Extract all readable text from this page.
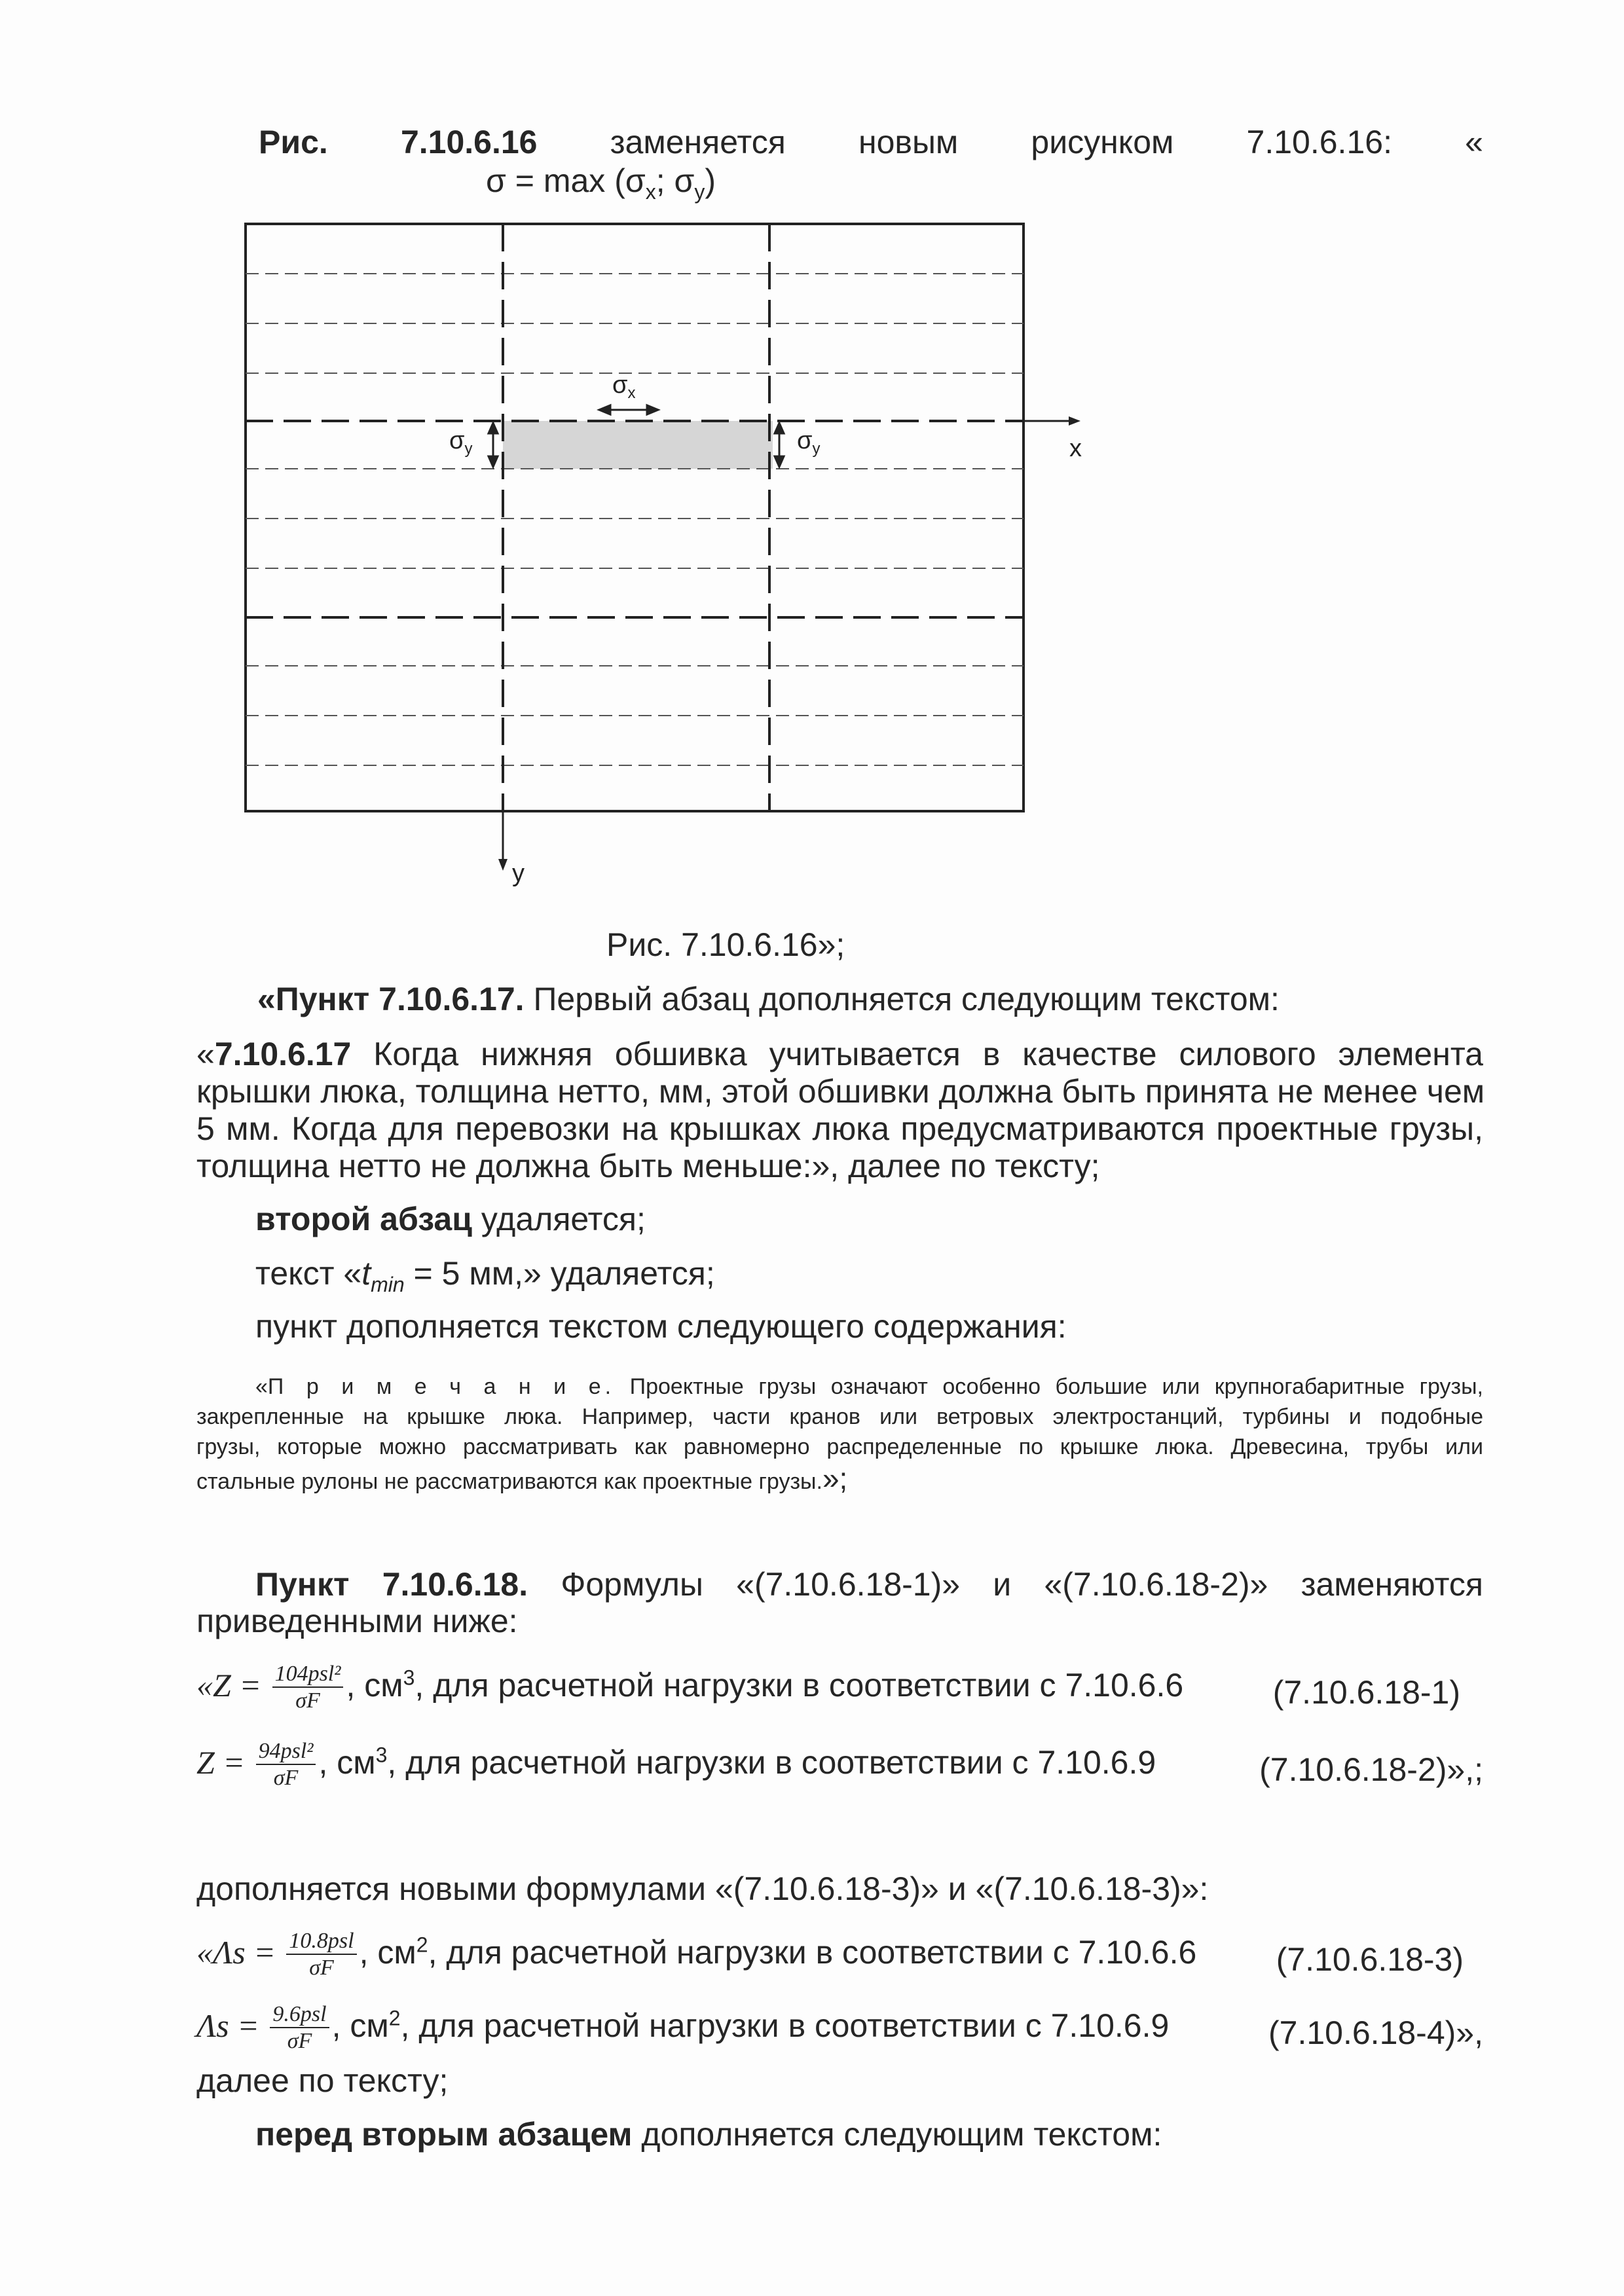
Рис. 7.10.6.16 заменяется новым рисунком 7.10.6.16: «
$\sigma = \max (\sigma_x$; $\sigma_y$)
$\sigma_x$
$\sigma_y$	$\sigma_y$	x
y
Рис. 7.10.6.16»;
«Пункт 7.10.6.17. Первый абзац дополняется следующим текстом:
«7.10.6.17 Когда нижняя обшивка учитывается в качестве силового элемента
крышки люка, толщина нетто, мм, этой обшивки должна быть принята не менее чем
5 мм. Когда для перевозки на крышках люка предусматриваются проектные грузы,
толщина нетто не должна быть меньше:», далее по тексту;
второй абзац удаляется;
текст «$t_{min} = 5$ мм,» удаляется;
пункт дополняется текстом следующего содержания:
«П р и м е ч а н и е. Проектные грузы означают особенно большие или крупногабаритные грузы,
закрепленные на крышке люка. Например, части кранов или ветровых электростанций, турбины и подобные
грузы, которые можно рассматривать как равномерно распределенные по крышке люка. Древесина, трубы или
стальные рулоны не рассматриваются как проектные грузы.»;
Пункт 7.10.6.18. Формулы «(7.10.6.18-1)» и «(7.10.6.18-2)» заменяются
приведенными ниже:
«$Z = \frac{\text{104psl²}}{\sigma F}$ , $см^3$, для расчетной нагрузки в соответствии с 7.10.6.6	(7.10.6.18-1)
$Z = \frac{\text{94psl²}}{\sigma F}$ , $см^3$, для расчетной нагрузки в соответствии с 7.10.6.9	(7.10.6.18-2)»,;
дополняется новыми формулами «(7.10.6.18-3)» и «(7.10.6.18-3)»:
«$\Lambda s = \frac{\text{10.8psl}}{\sigma F}$ , $см^2$, для расчетной нагрузки в соответствии с 7.10.6.6 (7.10.6.18-3)
$\Lambda s = \frac{\text{9.6psl}}{\sigma F}$ , $см^2$, для расчетной нагрузки в соответствии с 7.10.6.9	(7.10.6.18-4)»,
далее по тексту;
перед вторым абзацем дополняется следующим текстом:
